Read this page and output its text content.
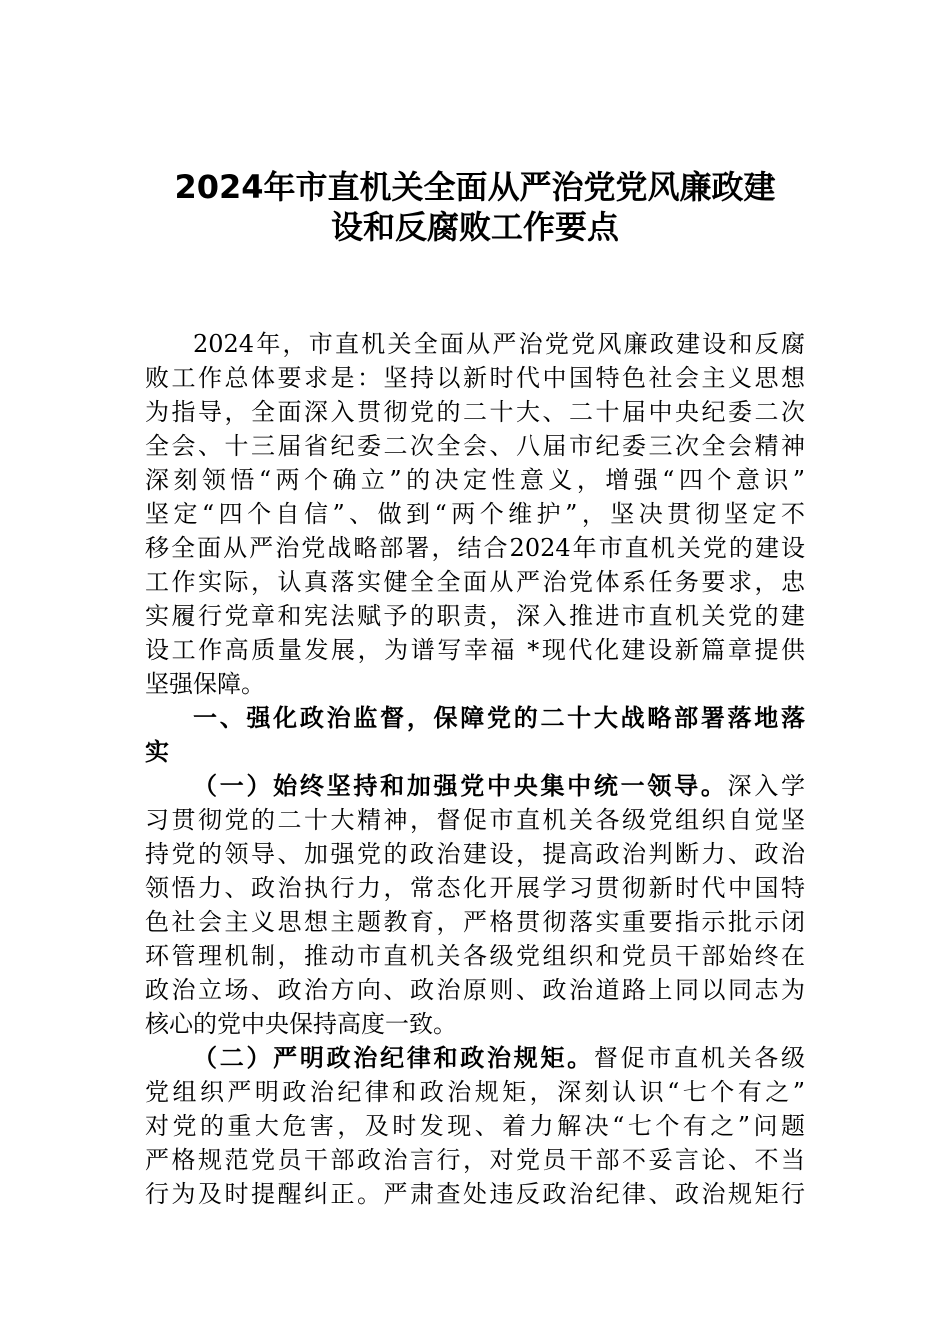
2024年市直机关全面从严治党党风廉政建
设和反腐败工作要点
2024年，市直机关全面从严治党党风廉政建设和反腐
败工作总体要求是：坚持以新时代中国特色社会主义思想
为指导，全面深入贯彻党的二十大、二十届中央纪委二次
全会、十三届省纪委二次全会、八届市纪委三次全会精神
深刻领悟“两个确立”的决定性意义，增强“四个意识”
坚定“四个自信”、做到“两个维护”，坚决贯彻坚定不
移全面从严治党战略部署，结合2024年市直机关党的建设
工作实际，认真落实健全全面从严治党体系任务要求，忠
实履行党章和宪法赋予的职责，深入推进市直机关党的建
设工作高质量发展，为谱写幸福 *现代化建设新篇章提供
坚强保障。
一、强化政治监督，保障党的二十大战略部署落地落
实
（一）始终坚持和加强党中央集中统一领导。深入学
习贯彻党的二十大精神，督促市直机关各级党组织自觉坚
持党的领导、加强党的政治建设，提高政治判断力、政治
领悟力、政治执行力，常态化开展学习贯彻新时代中国特
色社会主义思想主题教育，严格贯彻落实重要指示批示闭
环管理机制，推动市直机关各级党组织和党员干部始终在
政治立场、政治方向、政治原则、政治道路上同以同志为
核心的党中央保持高度一致。
（二）严明政治纪律和政治规矩。督促市直机关各级
党组织严明政治纪律和政治规矩，深刻认识“七个有之”
对党的重大危害，及时发现、着力解决“七个有之”问题
严格规范党员干部政治言行，对党员干部不妥言论、不当
行为及时提醒纠正。严肃查处违反政治纪律、政治规矩行
